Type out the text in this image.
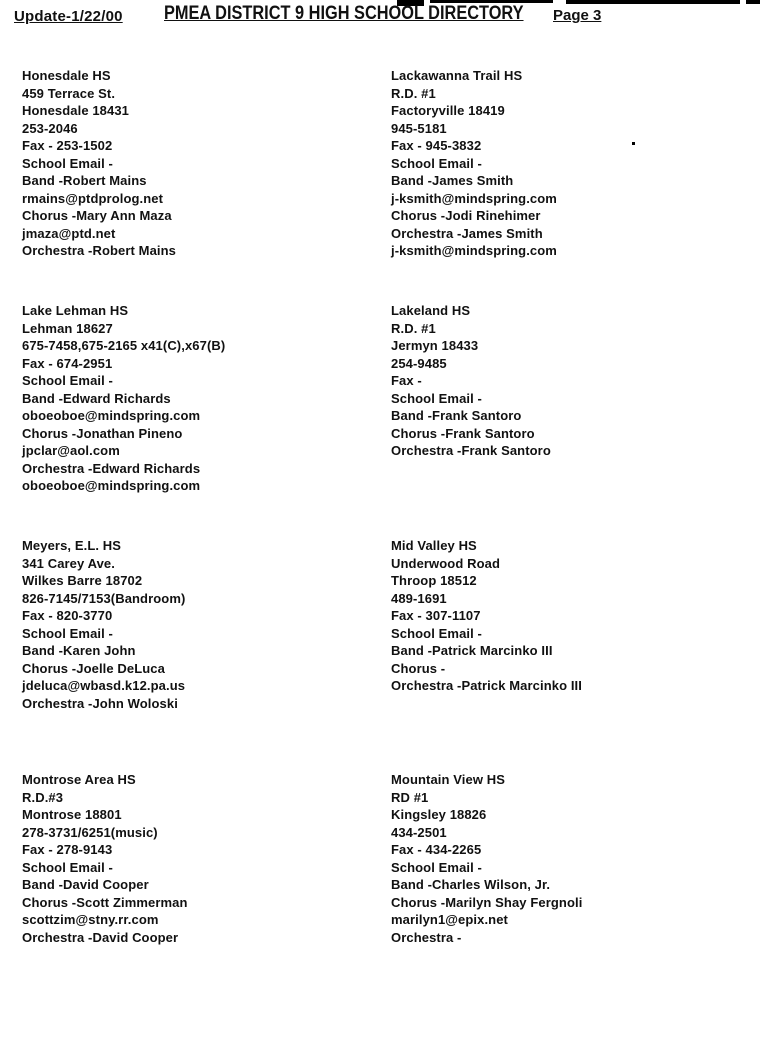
Update-1/22/00 PMEA DISTRICT 9 HIGH SCHOOL DIRECTORY Page 3
Honesdale HS
459 Terrace St.
Honesdale 18431
253-2046
Fax - 253-1502
School Email -
Band -Robert Mains
rmains@ptdprolog.net
Chorus -Mary Ann Maza
jmaza@ptd.net
Orchestra -Robert Mains
Lackawanna Trail HS
R.D. #1
Factoryville 18419
945-5181
Fax - 945-3832
School Email -
Band -James Smith
j-ksmith@mindspring.com
Chorus -Jodi Rinehimer
Orchestra -James Smith
j-ksmith@mindspring.com
Lake Lehman HS
Lehman 18627
675-7458,675-2165 x41(C),x67(B)
Fax - 674-2951
School Email -
Band -Edward Richards
oboeoboe@mindspring.com
Chorus -Jonathan Pineno
jpclar@aol.com
Orchestra -Edward Richards
oboeoboe@mindspring.com
Lakeland HS
R.D. #1
Jermyn 18433
254-9485
Fax -
School Email -
Band -Frank Santoro
Chorus -Frank Santoro
Orchestra -Frank Santoro
Meyers, E.L. HS
341 Carey Ave.
Wilkes Barre 18702
826-7145/7153(Bandroom)
Fax - 820-3770
School Email -
Band -Karen John
Chorus -Joelle DeLuca
jdeluca@wbasd.k12.pa.us
Orchestra -John Woloski
Mid Valley HS
Underwood Road
Throop 18512
489-1691
Fax - 307-1107
School Email -
Band -Patrick Marcinko III
Chorus -
Orchestra -Patrick Marcinko III
Montrose Area HS
R.D.#3
Montrose 18801
278-3731/6251(music)
Fax - 278-9143
School Email -
Band -David Cooper
Chorus -Scott Zimmerman
scottzim@stny.rr.com
Orchestra -David Cooper
Mountain View HS
RD #1
Kingsley 18826
434-2501
Fax - 434-2265
School Email -
Band -Charles Wilson, Jr.
Chorus -Marilyn Shay Fergnoli
marilyn1@epix.net
Orchestra -
